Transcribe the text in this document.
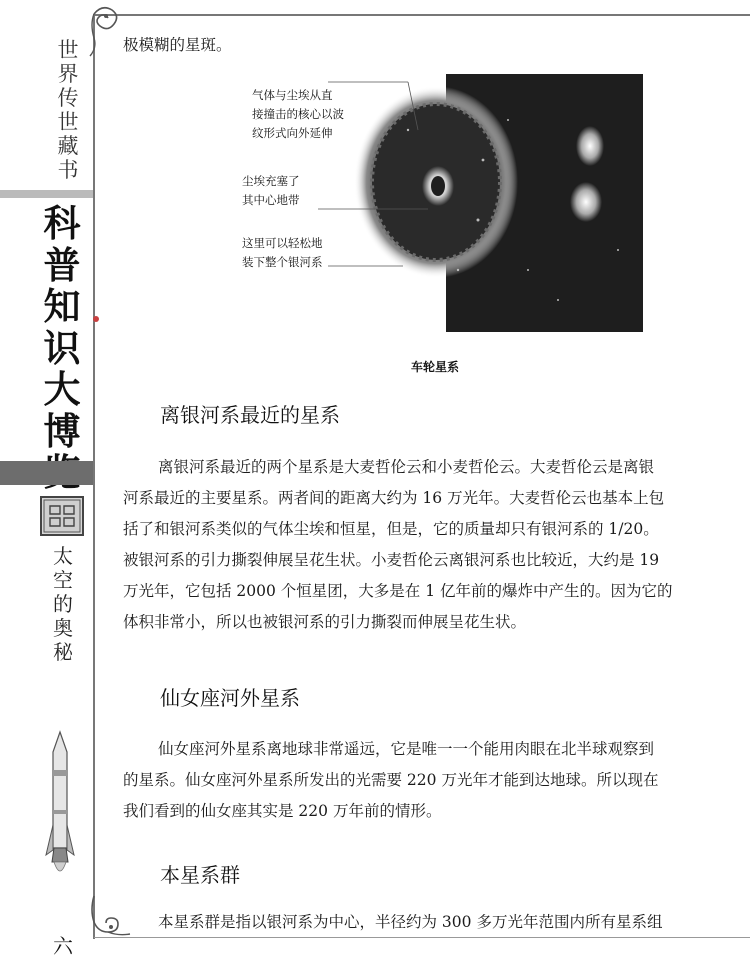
世
界
传
世
藏
书
科
普
知
识
大
博
太
空
的
奥
秘
六
极模糊的星斑。
气体与尘埃从直
接撞击的核心以波
纹形式向外延伸
尘埃充塞了
其中心地带
这里可以轻松地
装下整个银河系
车轮星系
离银河系最近的星系
离银河系最近的两个星系是大麦哲伦云和小麦哲伦云。大麦哲伦云是离银
河系最近的主要星系。两者间的距离大约为 16 万光年。大麦哲伦云也基本上包
括了和银河系类似的气体尘埃和恒星，但是，它的质量却只有银河系的 1/20。
被银河系的引力撕裂伸展呈花生状。小麦哲伦云离银河系也比较近，大约是 19
万光年，它包括 2000 个恒星团，大多是在 1 亿年前的爆炸中产生的。因为它的
体积非常小，所以也被银河系的引力撕裂而伸展呈花生状。
仙女座河外星系
仙女座河外星系离地球非常遥远，它是唯一一个能用肉眼在北半球观察到
的星系。仙女座河外星系所发出的光需要 220 万光年才能到达地球。所以现在
我们看到的仙女座其实是 220 万年前的情形。
本星系群
本星系群是指以银河系为中心，半径约为 300 多万光年范围内所有星系组
